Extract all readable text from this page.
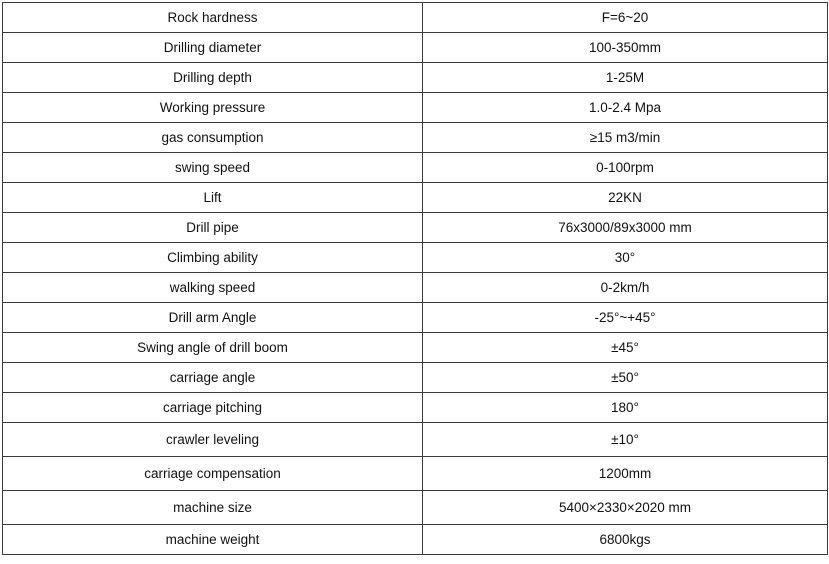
Rock hardness	F=6~20
Drilling diameter	100-350mm
Drilling depth	1-25M
Working pressure	1.0-2.4 Mpa
gas consumption	≥15 m3/min
swing speed	0-100rpm
Lift	22KN
Drill pipe	76x3000/89x3000 mm
Climbing ability	30°
walking speed	0-2km/h
Drill arm Angle	-25°~+45°
Swing angle of drill boom	±45°
carriage angle	±50°
carriage pitching	180°
crawler leveling	±10°
carriage compensation	1200mm
machine size	5400×2330×2020 mm
machine weight	6800kgs
